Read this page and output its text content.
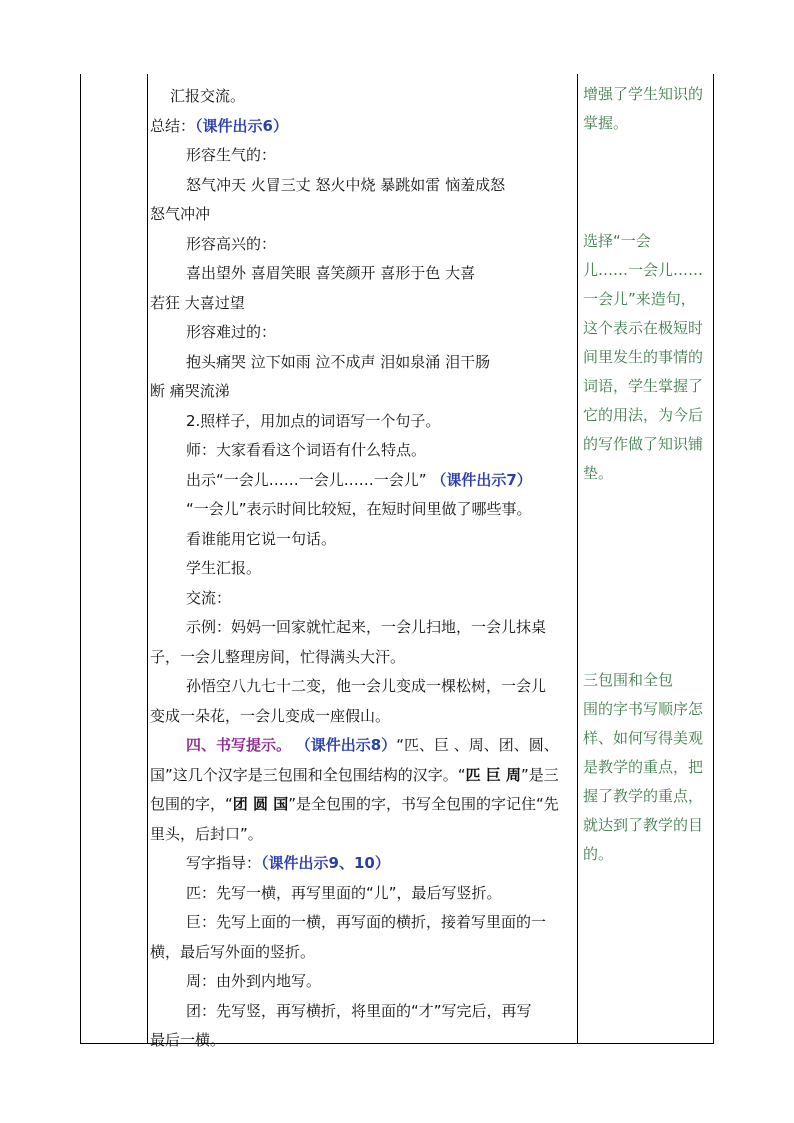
汇报交流。
总结：（课件出示6）
形容生气的：
怒气冲天 火冒三丈 怒火中烧 暴跳如雷 恼羞成怒
怒气冲冲
形容高兴的：
喜出望外 喜眉笑眼 喜笑颜开 喜形于色 大喜
若狂 大喜过望
形容难过的：
抱头痛哭 泣下如雨 泣不成声 泪如泉涌 泪干肠
断 痛哭流涕
2.照样子，用加点的词语写一个句子。
师：大家看看这个词语有什么特点。
出示“一会儿……一会儿……一会儿” （课件出示7）
“一会儿”表示时间比较短，在短时间里做了哪些事。
看谁能用它说一句话。
学生汇报。
交流：
示例：妈妈一回家就忙起来，一会儿扫地，一会儿抹桌
子，一会儿整理房间，忙得满头大汗。
孙悟空八九七十二变，他一会儿变成一棵松树，一会儿
变成一朵花，一会儿变成一座假山。
四、书写提示。 （课件出示8）“匹、巨 、周、团、圆、
国”这几个汉字是三包围和全包围结构的汉字。“匹 巨 周”是三
包围的字，“团 圆 国”是全包围的字，书写全包围的字记住“先
里头，后封口”。
写字指导：（课件出示9、10）
匹：先写一横，再写里面的“儿”，最后写竖折。
巨：先写上面的一横，再写面的横折，接着写里面的一
横，最后写外面的竖折。
周：由外到内地写。
团：先写竖，再写横折，将里面的“才”写完后，再写
最后一横。
增强了学生知识的
掌握。
选择“一会
儿……一会儿……
一会儿”来造句，
这个表示在极短时
间里发生的事情的
词语，学生掌握了
它的用法，为今后
的写作做了知识铺
垫。
三包围和全包
围的字书写顺序怎
样、如何写得美观
是教学的重点，把
握了教学的重点，
就达到了教学的目
的。
